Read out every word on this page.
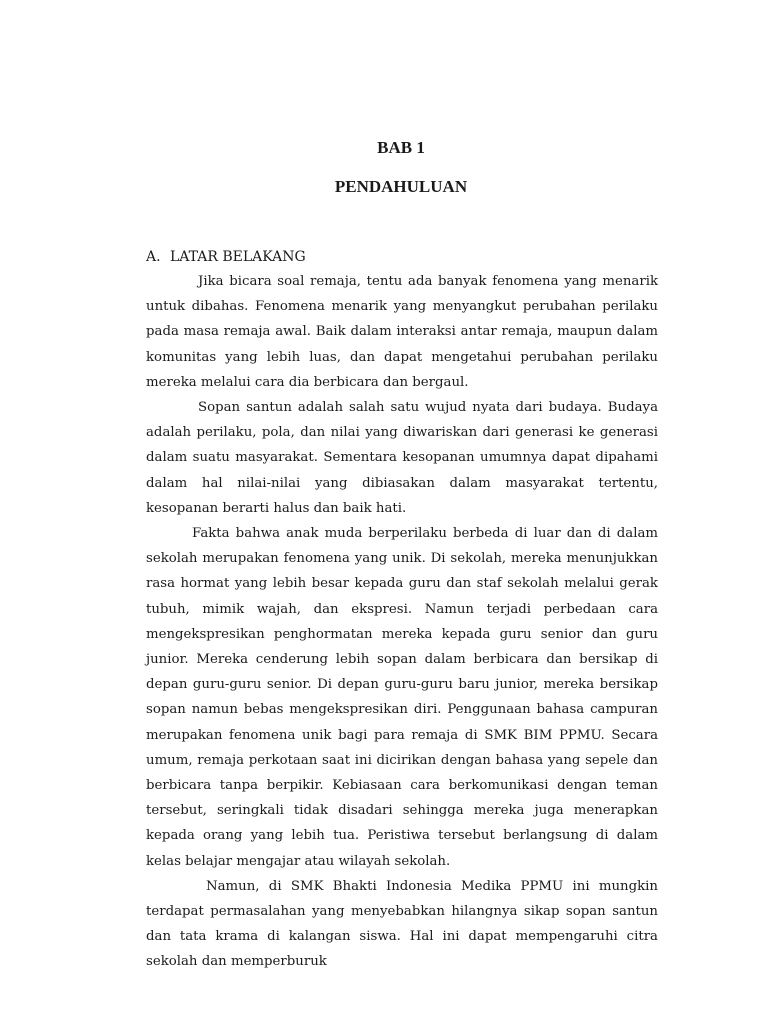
BAB 1
PENDAHULUAN
A. LATAR BELAKANG

Jika bicara soal remaja, tentu ada banyak fenomena yang menarik untuk dibahas. Fenomena menarik yang menyangkut perubahan perilaku pada masa remaja awal. Baik dalam interaksi antar remaja, maupun dalam komunitas yang lebih luas, dan dapat mengetahui perubahan perilaku mereka melalui cara dia berbicara dan bergaul.

Sopan santun adalah salah satu wujud nyata dari budaya. Budaya adalah perilaku, pola, dan nilai yang diwariskan dari generasi ke generasi dalam suatu masyarakat. Sementara kesopanan umumnya dapat dipahami dalam hal nilai-nilai yang dibiasakan dalam masyarakat tertentu, kesopanan berarti halus dan baik hati.

Fakta bahwa anak muda berperilaku berbeda di luar dan di dalam sekolah merupakan fenomena yang unik. Di sekolah, mereka menunjukkan rasa hormat yang lebih besar kepada guru dan staf sekolah melalui gerak tubuh, mimik wajah, dan ekspresi. Namun terjadi perbedaan cara mengekspresikan penghormatan mereka kepada guru senior dan guru junior. Mereka cenderung lebih sopan dalam berbicara dan bersikap di depan guru-guru senior. Di depan guru-guru baru junior, mereka bersikap sopan namun bebas mengekspresikan diri. Penggunaan bahasa campuran merupakan fenomena unik bagi para remaja di SMK BIM PPMU. Secara umum, remaja perkotaan saat ini dicirikan dengan bahasa yang sepele dan berbicara tanpa berpikir. Kebiasaan cara berkomunikasi dengan teman tersebut, seringkali tidak disadari sehingga mereka juga menerapkan kepada orang yang lebih tua. Peristiwa tersebut berlangsung di dalam kelas belajar mengajar atau wilayah sekolah.

Namun, di SMK Bhakti Indonesia Medika PPMU ini mungkin terdapat permasalahan yang menyebabkan hilangnya sikap sopan santun dan tata krama di kalangan siswa. Hal ini dapat mempengaruhi citra sekolah dan memperburuk
